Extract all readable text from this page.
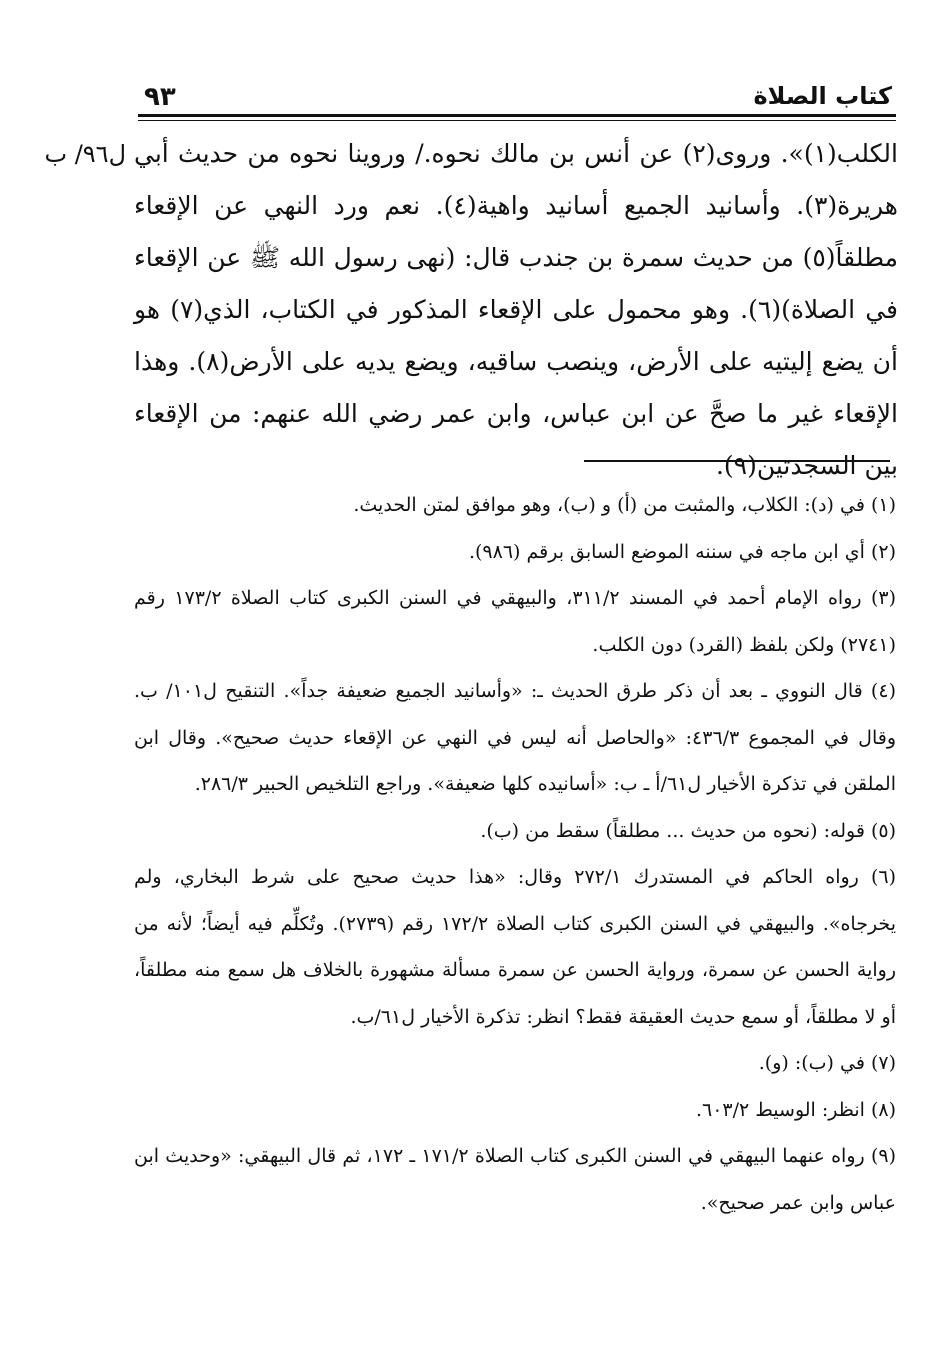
٩٣	كتاب الصلاة
ل٩٦/ ب الكلب(١)». وروى(٢) عن أنس بن مالك نحوه./ وروينا نحوه من حديث أبي هريرة(٣). وأسانيد الجميع أسانيد واهية(٤). نعم ورد النهي عن الإقعاء مطلقاً(٥) من حديث سمرة بن جندب قال: (نهى رسول الله ﷺ عن الإقعاء في الصلاة)(٦). وهو محمول على الإقعاء المذكور في الكتاب، الذي(٧) هو أن يضع إليتيه على الأرض، وينصب ساقيه، ويضع يديه على الأرض(٨). وهذا الإقعاء غير ما صحَّ عن ابن عباس، وابن عمر رضي الله عنهم: من الإقعاء بين السجدتين(٩).

(١) في (د): الكلاب، والمثبت من (أ) و (ب)، وهو موافق لمتن الحديث.

(٢) أي ابن ماجه في سننه الموضع السابق برقم (٩٨٦).

(٣) رواه الإمام أحمد في المسند ٣١١/٢، والبيهقي في السنن الكبرى كتاب الصلاة ١٧٣/٢ رقم (٢٧٤١) ولكن بلفظ (القرد) دون الكلب.

(٤) قال النووي ـ بعد أن ذكر طرق الحديث ـ: «وأسانيد الجميع ضعيفة جداً». التنقيح ل١٠١/ ب. وقال في المجموع ٤٣٦/٣: «والحاصل أنه ليس في النهي عن الإقعاء حديث صحيح». وقال ابن الملقن في تذكرة الأخيار ل٦١/أ ـ ب: «أسانيده كلها ضعيفة». وراجع التلخيص الحبير ٢٨٦/٣.

(٥) قوله: (نحوه من حديث ... مطلقاً) سقط من (ب).

(٦) رواه الحاكم في المستدرك ٢٧٢/١ وقال: «هذا حديث صحيح على شرط البخاري، ولم يخرجاه». والبيهقي في السنن الكبرى كتاب الصلاة ١٧٢/٢ رقم (٢٧٣٩). وتُكلِّم فيه أيضاً؛ لأنه من رواية الحسن عن سمرة، ورواية الحسن عن سمرة مسألة مشهورة بالخلاف هل سمع منه مطلقاً، أو لا مطلقاً، أو سمع حديث العقيقة فقط؟ انظر: تذكرة الأخيار ل٦١/ب.

(٧) في (ب): (و).

(٨) انظر: الوسيط ٦٠٣/٢.

(٩) رواه عنهما البيهقي في السنن الكبرى كتاب الصلاة ١٧١/٢ ـ ١٧٢، ثم قال البيهقي: «وحديث ابن عباس وابن عمر صحيح».
